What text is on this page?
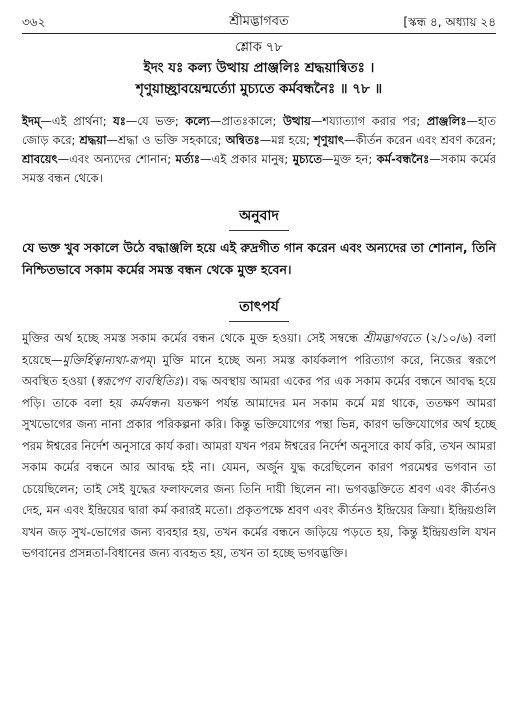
৩৬২	শ্রীমদ্ভাগবত	[স্কন্ধ ৪, অধ্যায় ২৪
শ্লোক ৭৮
ইদং যঃ কল্য উত্থায় প্রাঞ্জলিঃ শ্রদ্ধয়ান্বিতঃ ।
শৃণুয়াচ্ছ্রাবয়েন্মর্ত্যো মুচ্যতে কর্মবন্ধনৈঃ ॥ ৭৮ ॥
ইদম্—এই প্রার্থনা; যঃ—যে ভক্ত; কল্যে—প্রাতঃকালে; উত্থায়—শয্যাত্যাগ করার পর; প্রাঞ্জলিঃ—হাত জোড় করে; শ্রদ্ধয়া—শ্রদ্ধা ও ভক্তি সহকারে; অন্বিতঃ—মগ্ন হয়ে; শৃণুয়াৎ—কীর্তন করেন এবং শ্রবণ করেন; শ্রাবয়েৎ—এবং অন্যদের শোনান; মর্ত্যঃ—এই প্রকার মানুষ; মুচ্যতে—মুক্ত হন; কর্ম-বন্ধনৈঃ—সকাম কর্মের সমস্ত বন্ধন থেকে।
অনুবাদ
যে ভক্ত খুব সকালে উঠে বদ্ধাঞ্জলি হয়ে এই রুদ্রগীত গান করেন এবং অন্যদের তা শোনান, তিনি নিশ্চিতভাবে সকাম কর্মের সমস্ত বন্ধন থেকে মুক্ত হবেন।
তাৎপর্য
মুক্তির অর্থ হচ্ছে সমস্ত সকাম কর্মের বন্ধন থেকে মুক্ত হওয়া। সেই সম্বন্ধে শ্রীমদ্ভাগবতে (২/১০/৬) বলা হয়েছে—মুক্তির্হিত্বান্যথা-রূপম্। মুক্তি মানে হচ্ছে অন্য সমস্ত কার্যকলাপ পরিত্যাগ করে, নিজের স্বরূপে অবস্থিত হওয়া (স্বরূপেণ ব্যবস্থিতিঃ)। বদ্ধ অবস্থায় আমরা একের পর এক সকাম কর্মের বন্ধনে আবদ্ধ হয়ে পড়ি। তাকে বলা হয় কর্মবন্ধন। যতক্ষণ পর্যন্ত আমাদের মন সকাম কর্মে মগ্ন থাকে, ততক্ষণ আমরা সুখভোগের জন্য নানা প্রকার পরিকল্পনা করি। কিন্তু ভক্তিযোগের পন্থা ভিন্ন, কারণ ভক্তিযোগের অর্থ হচ্ছে পরম ঈশ্বরের নির্দেশ অনুসারে কার্য করা। আমরা যখন পরম ঈশ্বরের নির্দেশ অনুসারে কার্য করি, তখন আমরা সকাম কর্মের বন্ধনে আর আবদ্ধ হই না। যেমন, অর্জুন যুদ্ধ করেছিলেন কারণ পরমেশ্বর ভগবান তা চেয়েছিলেন; তাই সেই যুদ্ধের ফলাফলের জন্য তিনি দায়ী ছিলেন না। ভগবদ্ভক্তিতে শ্রবণ এবং কীর্তনও দেহ, মন এবং ইন্দ্রিয়ের দ্বারা কর্ম করারই মতো। প্রকৃতপক্ষে শ্রবণ এবং কীর্তনও ইন্দ্রিয়ের ক্রিয়া। ইন্দ্রিয়গুলি যখন জড় সুখ-ভোগের জন্য ব্যবহার হয়, তখন কর্মের বন্ধনে জড়িয়ে পড়তে হয়, কিন্তু ইন্দ্রিয়গুলি যখন ভগবানের প্রসন্নতা-বিধানের জন্য ব্যবহৃত হয়, তখন তা হচ্ছে ভগবদ্ভক্তি।
